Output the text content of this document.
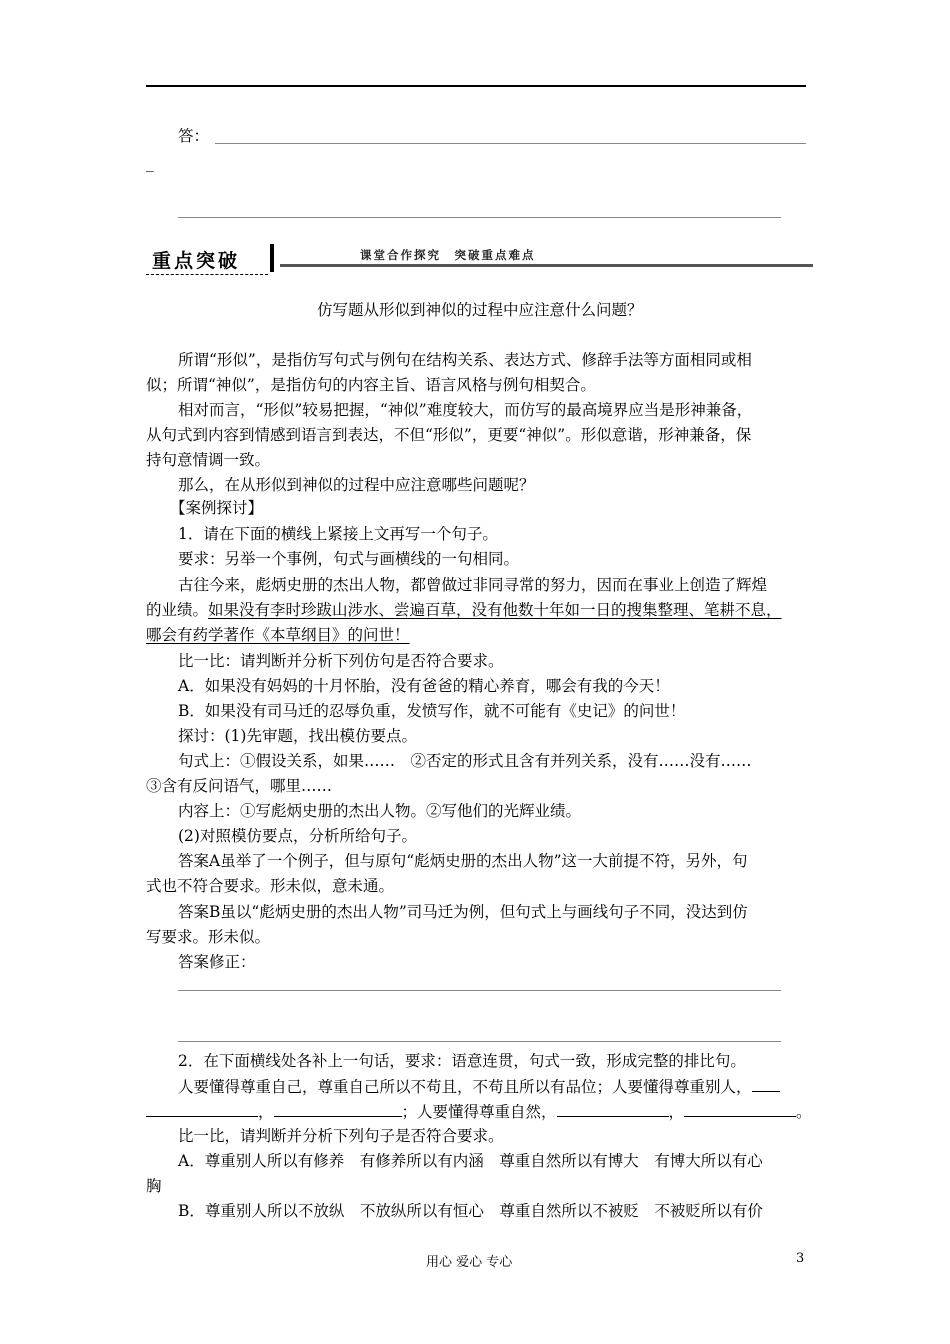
答：
_
重点突破	课堂合作探究　突破重点难点
仿写题从形似到神似的过程中应注意什么问题？
所谓“形似”，是指仿写句式与例句在结构关系、表达方式、修辞手法等方面相同或相
似；所谓“神似”，是指仿句的内容主旨、语言风格与例句相契合。
相对而言，“形似”较易把握，“神似”难度较大，而仿写的最高境界应当是形神兼备，
从句式到内容到情感到语言到表达，不但“形似”，更要“神似”。形似意谐，形神兼备，保
持句意情调一致。
那么，在从形似到神似的过程中应注意哪些问题呢？
【案例探讨】
1．请在下面的横线上紧接上文再写一个句子。
要求：另举一个事例，句式与画横线的一句相同。
古往今来，彪炳史册的杰出人物，都曾做过非同寻常的努力，因而在事业上创造了辉煌
的业绩。如果没有李时珍跋山涉水、尝遍百草，没有他数十年如一日的搜集整理、笔耕不息，
哪会有药学著作《本草纲目》的问世！
比一比：请判断并分析下列仿句是否符合要求。
A．如果没有妈妈的十月怀胎，没有爸爸的精心养育，哪会有我的今天！
B．如果没有司马迁的忍辱负重，发愤写作，就不可能有《史记》的问世！
探讨：(1)先审题，找出模仿要点。
句式上：①假设关系，如果……　②否定的形式且含有并列关系，没有……没有……
③含有反问语气，哪里……
内容上：①写彪炳史册的杰出人物。②写他们的光辉业绩。
(2)对照模仿要点，分析所给句子。
答案A虽举了一个例子，但与原句“彪炳史册的杰出人物”这一大前提不符，另外，句
式也不符合要求。形未似，意未通。
答案B虽以“彪炳史册的杰出人物”司马迁为例，但句式上与画线句子不同，没达到仿
写要求。形未似。
答案修正：
2．在下面横线处各补上一句话，要求：语意连贯，句式一致，形成完整的排比句。
人要懂得尊重自己，尊重自己所以不苟且，不苟且所以有品位；人要懂得尊重别人，
，	；人要懂得尊重自然，	，	。
比一比，请判断并分析下列句子是否符合要求。
A．尊重别人所以有修养　有修养所以有内涵　尊重自然所以有博大　有博大所以有心
胸
B．尊重别人所以不放纵　不放纵所以有恒心　尊重自然所以不被贬　不被贬所以有价
用心 爱心 专心	3
